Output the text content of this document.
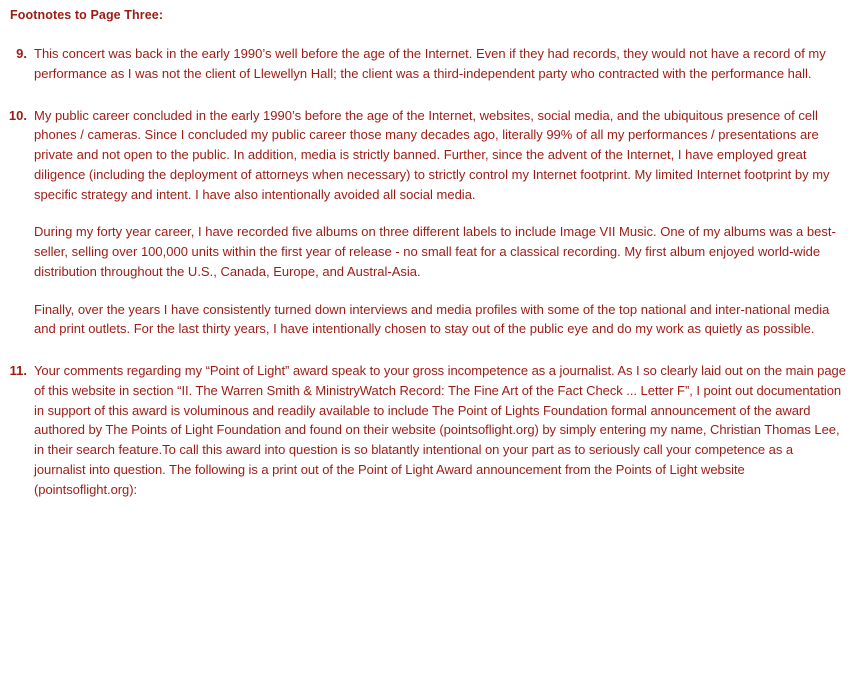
Footnotes to Page Three:
9. This concert was back in the early 1990’s well before the age of the Internet. Even if they had records, they would not have a record of my performance as I was not the client of Llewellyn Hall; the client was a third-independent party who contracted with the performance hall.

10. My public career concluded in the early 1990’s before the age of the Internet, websites, social media, and the ubiquitous presence of cell phones / cameras. Since I concluded my public career those many decades ago, literally 99% of all my performances / presentations are private and not open to the public. In addition, media is strictly banned. Further, since the advent of the Internet, I have employed great diligence (including the deployment of attorneys when necessary) to strictly control my Internet footprint. My limited Internet footprint by my specific strategy and intent. I have also intentionally avoided all social media.

During my forty year career, I have recorded five albums on three different labels to include Image VII Music. One of my albums was a best-seller, selling over 100,000 units within the first year of release - no small feat for a classical recording. My first album enjoyed world-wide distribution throughout the U.S., Canada, Europe, and Austral-Asia.

Finally, over the years I have consistently turned down interviews and media profiles with some of the top national and inter-national media and print outlets. For the last thirty years, I have intentionally chosen to stay out of the public eye and do my work as quietly as possible.

11. Your comments regarding my “Point of Light” award speak to your gross incompetence as a journalist. As I so clearly laid out on the main page of this website in section “II. The Warren Smith & MinistryWatch Record: The Fine Art of the Fact Check ... Letter F”, I point out documentation in support of this award is voluminous and readily available to include The Point of Lights Foundation formal announcement of the award authored by The Points of Light Foundation and found on their website (pointsoflight.org) by simply entering my name, Christian Thomas Lee, in their search feature.To call this award into question is so blatantly intentional on your part as to seriously call your competence as a journalist into question. The following is a print out of the Point of Light Award announcement from the Points of Light website (pointsoflight.org):
